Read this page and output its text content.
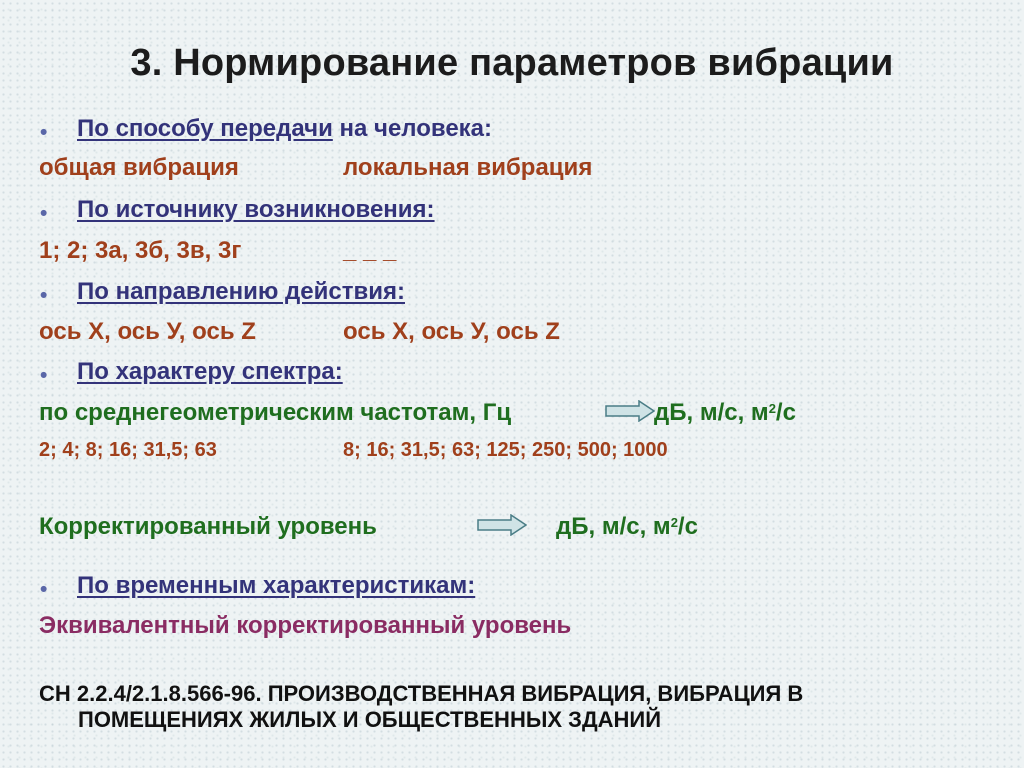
3. Нормирование параметров вибрации
• По способу передачи на человека:
общая вибрация	локальная вибрация
• По источнику возникновения:
1; 2; 3а, 3б, 3в, 3г	_ _ _
• По направлению действия:
ось X, ось У, ось Z	ось X, ось У, ось Z
• По характеру спектра:
по среднегеометрическим частотам, Гц	дБ, м/с, $м^2/с$
2; 4; 8; 16; 31,5; 63	8; 16; 31,5; 63; 125; 250; 500; 1000
Корректированный уровень	дБ, м/с, $м^2/с$
• По временным характеристикам:
Эквивалентный корректированный уровень
СН 2.2.4/2.1.8.566-96. ПРОИЗВОДСТВЕННАЯ ВИБРАЦИЯ, ВИБРАЦИЯ В
ПОМЕЩЕНИЯХ ЖИЛЫХ И ОБЩЕСТВЕННЫХ ЗДАНИЙ
